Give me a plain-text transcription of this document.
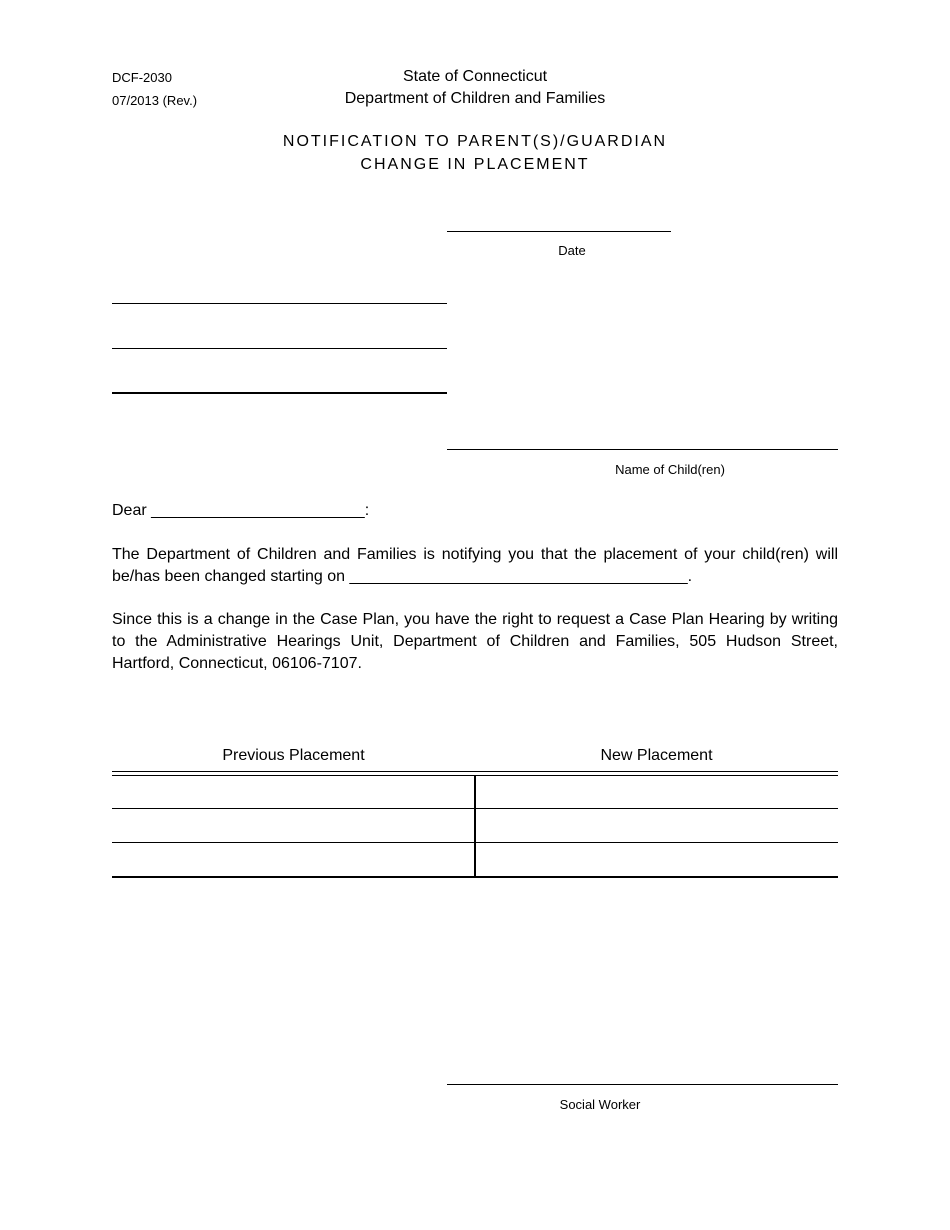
DCF-2030
07/2013 (Rev.)
State of Connecticut
Department of Children and Families
NOTIFICATION TO PARENT(S)/GUARDIAN
CHANGE IN PLACEMENT
Date
Name of Child(ren)
Dear ________________________:
The Department of Children and Families is notifying you that the placement of your child(ren) will be/has been changed starting on ______________________________________.
Since this is a change in the Case Plan, you have the right to request a Case Plan Hearing by writing to the Administrative Hearings Unit, Department of Children and Families, 505 Hudson Street, Hartford, Connecticut, 06106-7107.
Previous Placement	New Placement
Social Worker
